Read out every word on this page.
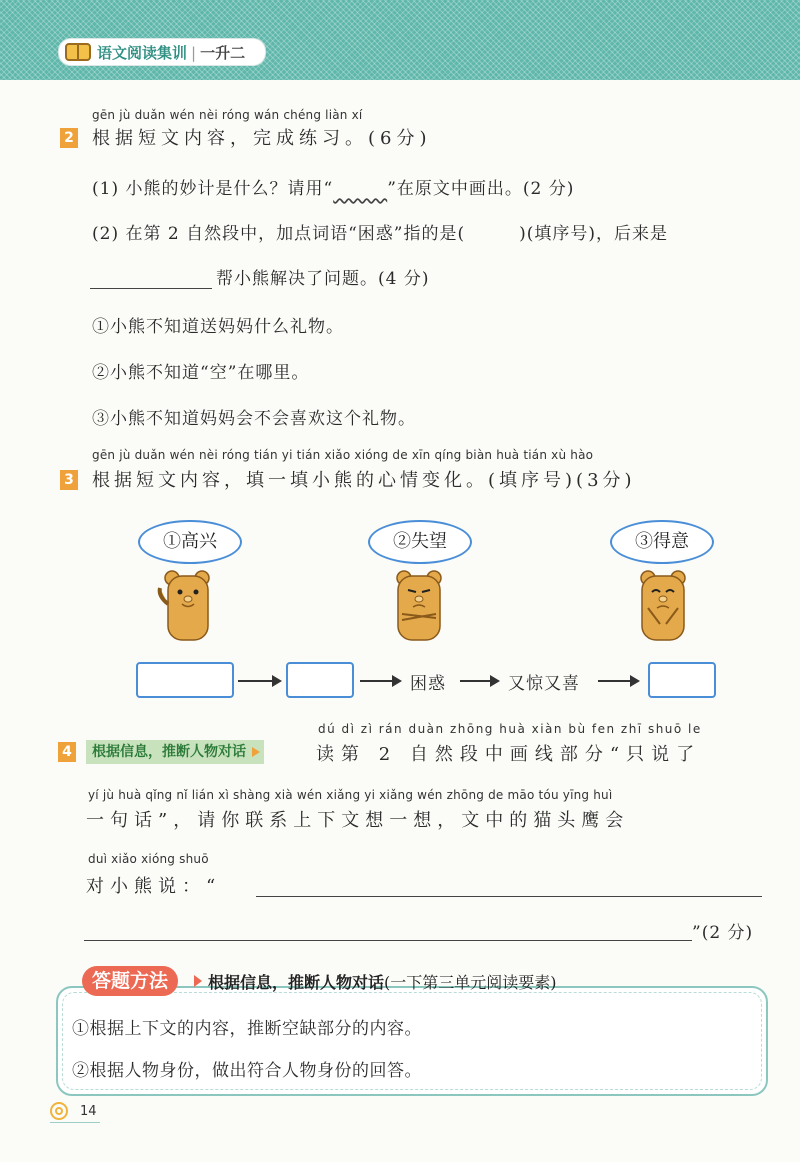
语文阅读集训 | 一升二
gēn jù duǎn wén nèi róng wán chéng liàn xí
2 根据短文内容，完成练习。(6分)
(1) 小熊的妙计是什么？请用“　　　	”在原文中画出。(2 分)
(2) 在第 2 自然段中，加点词语“困惑”指的是(　　　)(填序号)，后来是
帮小熊解决了问题。(4 分)
①小熊不知道送妈妈什么礼物。
②小熊不知道“空”在哪里。
③小熊不知道妈妈会不会喜欢这个礼物。
gēn jù duǎn wén nèi róng tián yi tián xiǎo xióng de xīn qíng biàn huà tián xù hào
3 根据短文内容，填一填小熊的心情变化。(填序号)(3分)
①高兴	②失望	③得意
困惑	又惊又喜
dú dì zì rán duàn zhōng huà xiàn bù fen zhī shuō le
4	根据信息，推断人物对话	读第 2 自然段中画线部分“只说了
yí jù huà qǐng nǐ lián xì shàng xià wén xiǎng yi xiǎng wén zhōng de māo tóu yīng huì
一句话”，请你联系上下文想一想，文中的猫头鹰会
duì xiǎo xióng shuō
对小熊说：“
”(2 分)
答题方法	根据信息，推断人物对话(一下第三单元阅读要素)
①根据上下文的内容，推断空缺部分的内容。
②根据人物身份，做出符合人物身份的回答。
14
